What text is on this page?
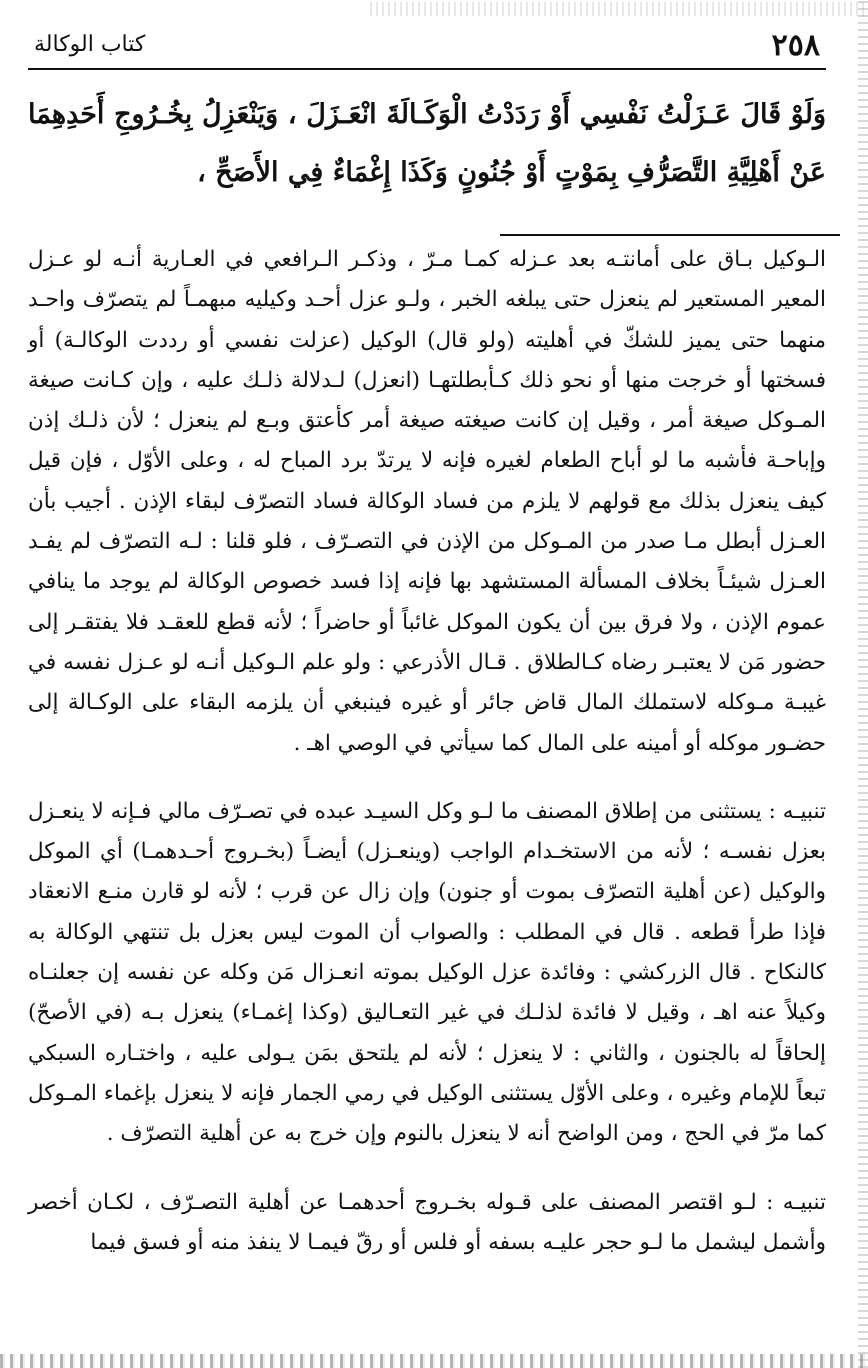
٢٥٨
كتاب الوكالة

وَلَوْ قَالَ عَـزَلْتُ نَفْسِي أَوْ رَدَدْتُ الْوَكَـالَةَ انْعَـزَلَ ، وَيَنْعَزِلُ بِخُـرُوجِ أَحَدِهِمَا عَنْ أَهْلِيَّةِ التَّصَرُّفِ بِمَوْتٍ أَوْ جُنُونٍ وَكَذَا إِغْمَاءٌ فِي الأَصَحِّ ،

الـوكيل بـاق على أمانتـه بعد عـزله كمـا مـرّ ، وذكـر الـرافعي في العـارية أنـه لو عـزل المعير المستعير لم ينعزل حتى يبلغه الخبر ، ولـو عزل أحـد وكيليه مبهمـاً لم يتصرّف واحـد منهما حتى يميز للشكّ في أهليته (ولو قال) الوكيل (عزلت نفسي أو رددت الوكالـة) أو فسختها أو خرجت منها أو نحو ذلك كـأبطلتهـا (انعزل) لـدلالة ذلـك عليه ، وإن كـانت صيغة المـوكل صيغة أمر ، وقيل إن كانت صيغته صيغة أمر كأعتق وبـع لم ينعزل ؛ لأن ذلـك إذن وإباحـة فأشبه ما لو أباح الطعام لغيره فإنه لا يرتدّ برد المباح له ، وعلى الأوّل ، فإن قيل كيف ينعزل بذلك مع قولهم لا يلزم من فساد الوكالة فساد التصرّف لبقاء الإذن . أجيب بأن العـزل أبطل مـا صدر من المـوكل من الإذن في التصـرّف ، فلو قلنا : لـه التصرّف لم يفـد العـزل شيئـاً بخلاف المسألة المستشهد بها فإنه إذا فسد خصوص الوكالة لم يوجد ما ينافي عموم الإذن ، ولا فرق بين أن يكون الموكل غائباً أو حاضراً ؛ لأنه قطع للعقـد فلا يفتقـر إلى حضور مَن لا يعتبـر رضاه كـالطلاق . قـال الأذرعي : ولو علم الـوكيل أنـه لو عـزل نفسه في غيبـة مـوكله لاستملك المال قاض جائر أو غيره فينبغي أن يلزمه البقاء على الوكـالة إلى حضـور موكله أو أمينه على المال كما سيأتي في الوصي اهـ .

تنبيـه : يستثنى من إطلاق المصنف ما لـو وكل السيـد عبده في تصـرّف مالي فـإنه لا ينعـزل بعزل نفسـه ؛ لأنه من الاستخـدام الواجب (وينعـزل) أيضـاً (بخـروج أحـدهمـا) أي الموكل والوكيل (عن أهلية التصرّف بموت أو جنون) وإن زال عن قرب ؛ لأنه لو قارن منـع الانعقاد فإذا طرأ قطعه . قال في المطلب : والصواب أن الموت ليس بعزل بل تنتهي الوكالة به كالنكاح . قال الزركشي : وفائدة عزل الوكيل بموته انعـزال مَن وكله عن نفسه إن جعلنـاه وكيلاً عنه اهـ ، وقيل لا فائدة لذلـك في غير التعـاليق (وكذا إغمـاء) ينعزل بـه (في الأصحّ) إلحاقاً له بالجنون ، والثاني : لا ينعزل ؛ لأنه لم يلتحق بمَن يـولى عليه ، واختـاره السبكي تبعاً للإمام وغيره ، وعلى الأوّل يستثنى الوكيل في رمي الجمار فإنه لا ينعزل بإغماء المـوكل كما مرّ في الحج ، ومن الواضح أنه لا ينعزل بالنوم وإن خرج به عن أهلية التصرّف .

تنبيـه : لـو اقتصر المصنف على قـوله بخـروج أحدهمـا عن أهلية التصـرّف ، لكـان أخصر وأشمل ليشمل ما لـو حجر عليـه بسفه أو فلس أو رقّ فيمـا لا ينفذ منه أو فسق فيما
